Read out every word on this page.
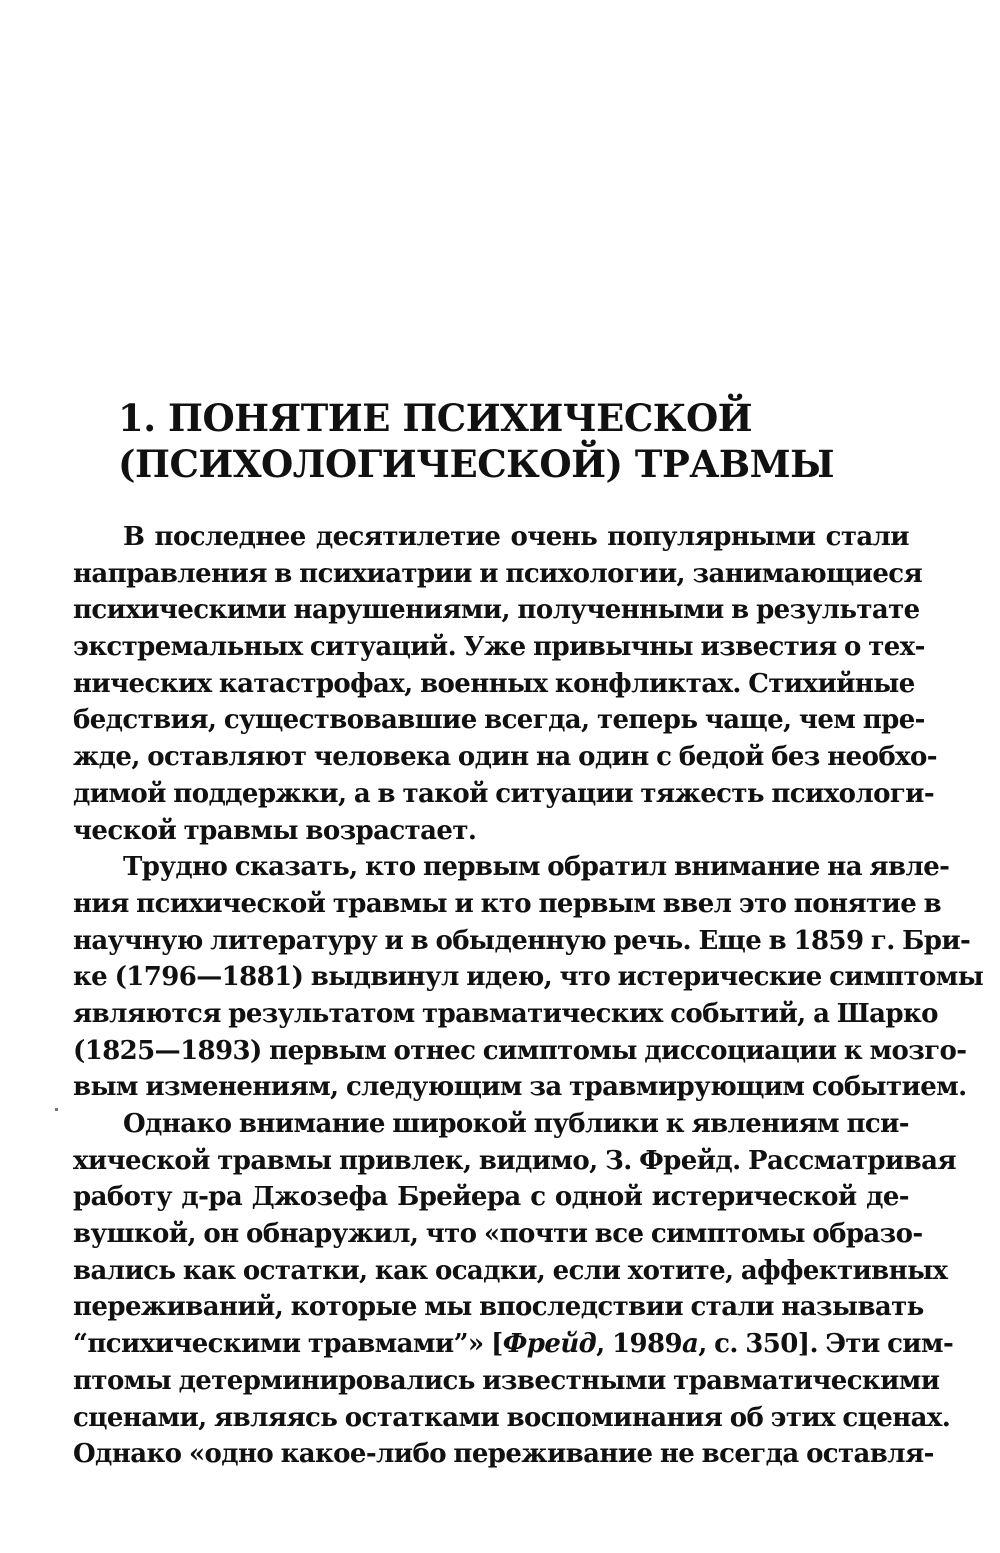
1. ПОНЯТИЕ ПСИХИЧЕСКОЙ
(ПСИХОЛОГИЧЕСКОЙ) ТРАВМЫ

В последнее десятилетие очень популярными стали
направления в психиатрии и психологии, занимающиеся
психическими нарушениями, полученными в результате
экстремальных ситуаций. Уже привычны известия о тех-
нических катастрофах, военных конфликтах. Стихийные
бедствия, существовавшие всегда, теперь чаще, чем пре-
жде, оставляют человека один на один с бедой без необхо-
димой поддержки, а в такой ситуации тяжесть психологи-
ческой травмы возрастает.

Трудно сказать, кто первым обратил внимание на явле-
ния психической травмы и кто первым ввел это понятие в
научную литературу и в обыденную речь. Еще в 1859 г. Бри-
ке (1796—1881) выдвинул идею, что истерические симптомы
являются результатом травматических событий, а Шарко
(1825—1893) первым отнес симптомы диссоциации к мозго-
вым изменениям, следующим за травмирующим событием.

Однако внимание широкой публики к явлениям пси-
хической травмы привлек, видимо, З. Фрейд. Рассматривая
работу д-ра Джозефа Брейера с одной истерической де-
вушкой, он обнаружил, что «почти все симптомы образо-
вались как остатки, как осадки, если хотите, аффективных
переживаний, которые мы впоследствии стали называть
“психическими травмами”» [Фрейд, 1989а, с. 350]. Эти сим-
птомы детерминировались известными травматическими
сценами, являясь остатками воспоминания об этих сценах.
Однако «одно какое-либо переживание не всегда оставля-
